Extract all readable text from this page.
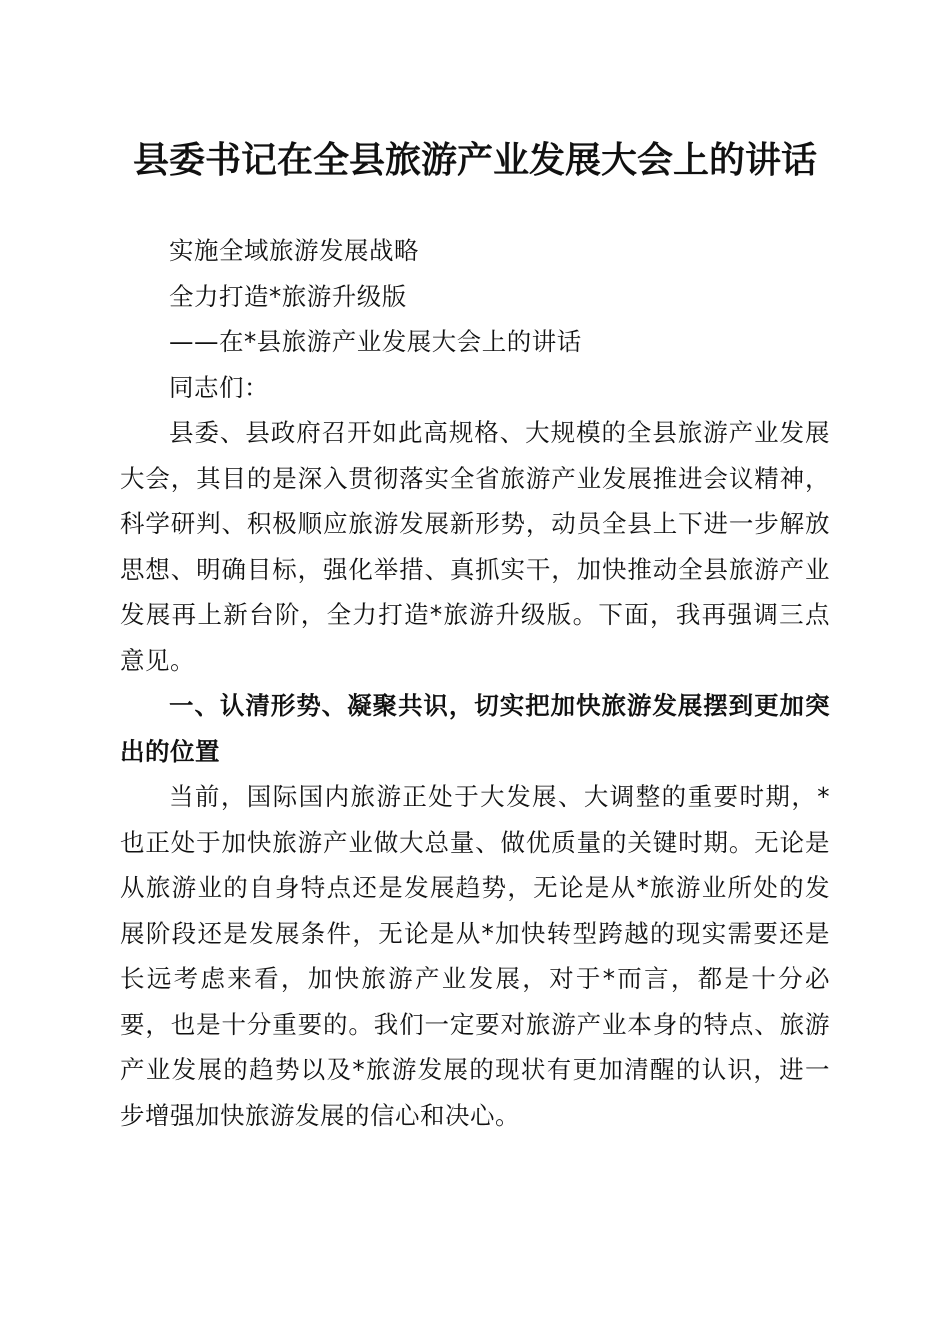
县委书记在全县旅游产业发展大会上的讲话

实施全域旅游发展战略

全力打造*旅游升级版

——在*县旅游产业发展大会上的讲话

同志们：

县委、县政府召开如此高规格、大规模的全县旅游产业发展大会，其目的是深入贯彻落实全省旅游产业发展推进会议精神，科学研判、积极顺应旅游发展新形势，动员全县上下进一步解放思想、明确目标，强化举措、真抓实干，加快推动全县旅游产业发展再上新台阶，全力打造*旅游升级版。下面，我再强调三点意见。

一、认清形势、凝聚共识，切实把加快旅游发展摆到更加突出的位置

当前，国际国内旅游正处于大发展、大调整的重要时期，*也正处于加快旅游产业做大总量、做优质量的关键时期。无论是从旅游业的自身特点还是发展趋势，无论是从*旅游业所处的发展阶段还是发展条件，无论是从*加快转型跨越的现实需要还是长远考虑来看，加快旅游产业发展，对于*而言，都是十分必要，也是十分重要的。我们一定要对旅游产业本身的特点、旅游产业发展的趋势以及*旅游发展的现状有更加清醒的认识，进一步增强加快旅游发展的信心和决心。
